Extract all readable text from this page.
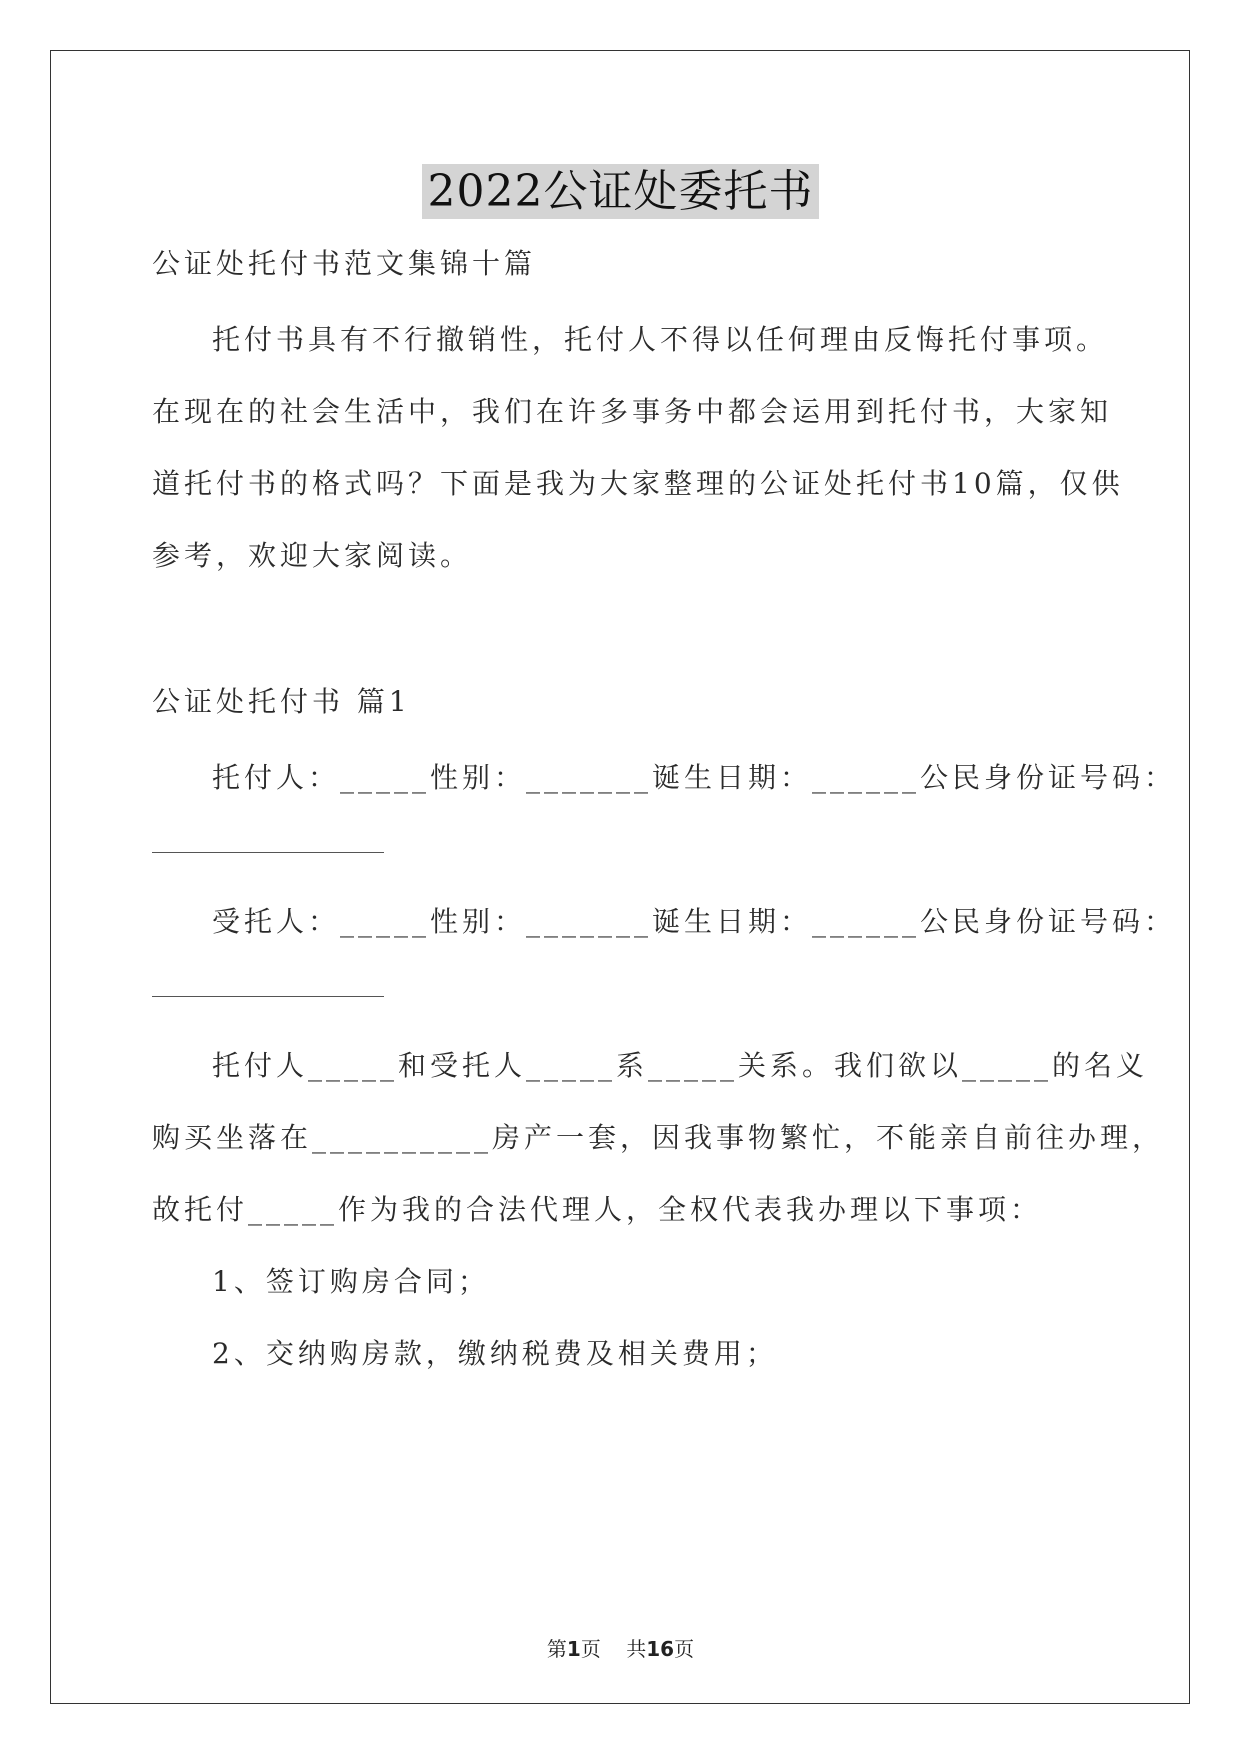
2022公证处委托书
公证处托付书范文集锦十篇
托付书具有不行撤销性，托付人不得以任何理由反悔托付事项。
在现在的社会生活中，我们在许多事务中都会运用到托付书，大家知
道托付书的格式吗？下面是我为大家整理的公证处托付书10篇，仅供
参考，欢迎大家阅读。
公证处托付书 篇1
托付人：_____性别：_______诞生日期：______公民身份证号码：
受托人：_____性别：_______诞生日期：______公民身份证号码：
托付人_____和受托人_____系_____关系。我们欲以_____的名义
购买坐落在__________房产一套，因我事物繁忙，不能亲自前往办理，
故托付_____作为我的合法代理人，全权代表我办理以下事项：
1、签订购房合同；
2、交纳购房款，缴纳税费及相关费用；
第1页    共16页
